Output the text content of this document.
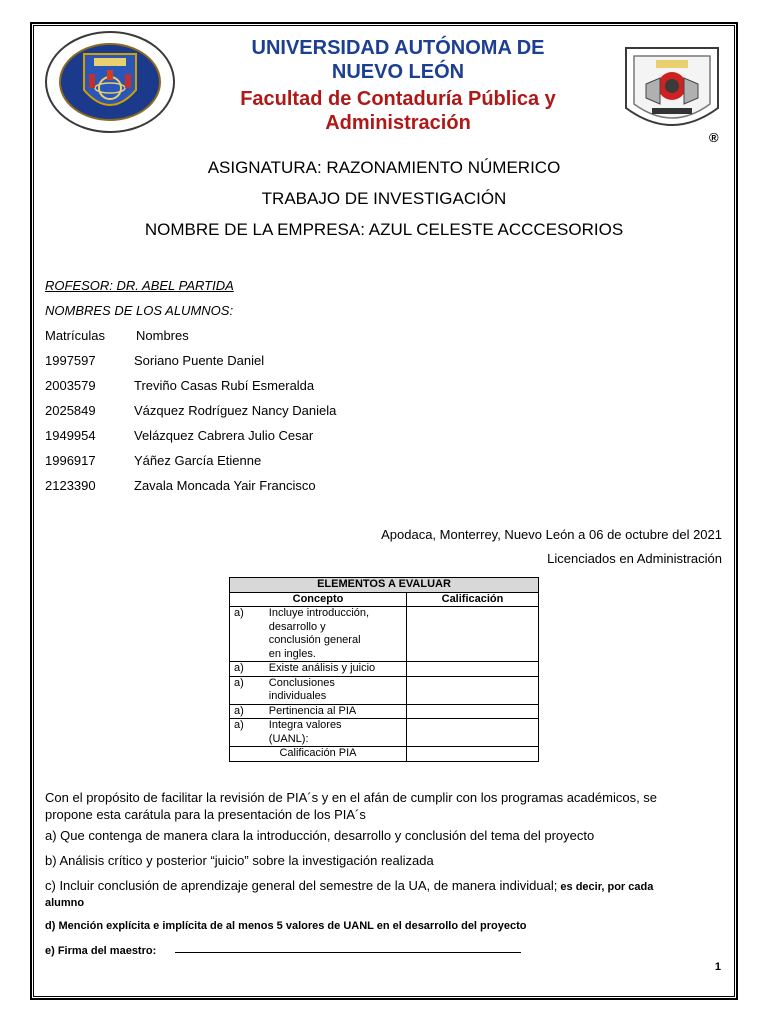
UNIVERSIDAD AUTÓNOMA DE
NUEVO LEÓN
Facultad de Contaduría Pública y
Administración
®
ASIGNATURA: RAZONAMIENTO NÚMERICO
TRABAJO DE INVESTIGACIÓN
NOMBRE DE LA EMPRESA: AZUL CELESTE ACCCESORIOS
ROFESOR: DR. ABEL PARTIDA
NOMBRES DE LOS ALUMNOS:
Matrículas Nombres
1997597	Soriano Puente Daniel
2003579	Treviño Casas Rubí Esmeralda
2025849	Vázquez Rodríguez Nancy Daniela
1949954	Velázquez Cabrera Julio Cesar
1996917	Yáñez García Etienne
2123390	Zavala Moncada Yair Francisco
Apodaca, Monterrey, Nuevo León a 06 de octubre del 2021
Licenciados en Administración
ELEMENTOS A EVALUAR		
Concepto		Calificación
a)	Incluye introducción,
desarrollo y
conclusión general
en ingles.	

a)	Existe análisis y juicio	

a)	Conclusiones
individuales	

a)	Pertinencia al PIA	

a)	Integra valores
(UANL):	

Calificación PIA		
Con el propósito de facilitar la revisión de PIA´s y en el afán de cumplir con los programas académicos, se
propone esta carátula para la presentación de los PIA´s
a) Que contenga de manera clara la introducción, desarrollo y conclusión del tema del proyecto
b) Análisis crítico y posterior “juicio” sobre la investigación realizada
c) Incluir conclusión de aprendizaje general del semestre de la UA, de manera individual; es decir, por cada
alumno
d) Mención explícita e implícita de al menos 5 valores de UANL en el desarrollo del proyecto
e) Firma del maestro:
1
